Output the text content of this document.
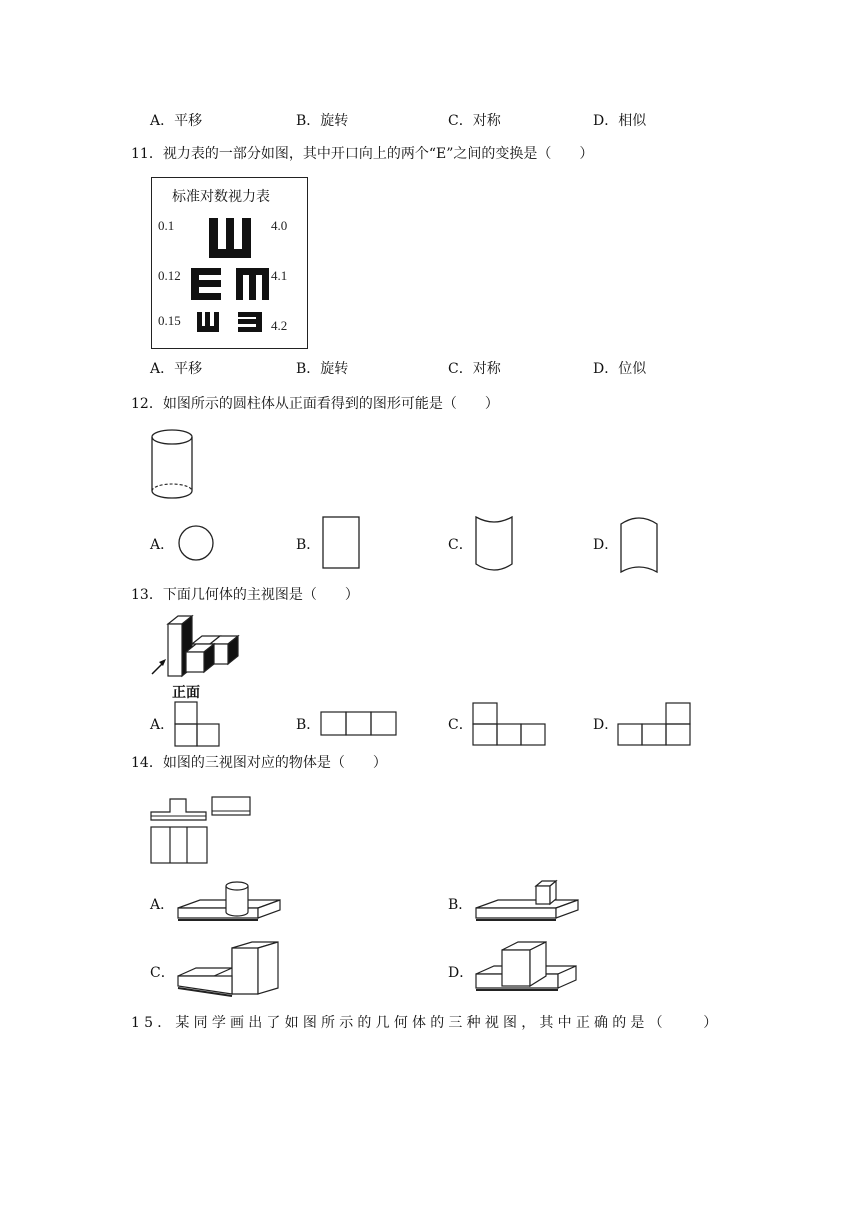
A．平移	B．旋转	C．对称	D．相似
11．视力表的一部分如图，其中开口向上的两个“E”之间的变换是（　　）
标准对数视力表
0.1
0.12
0.15
4.0
4.1
4.2
A．平移	B．旋转	C．对称	D．位似
12．如图所示的圆柱体从正面看得到的图形可能是（　　）
A．	B．	C．	D．
13．下面几何体的主视图是（　　）
正面
A．	B．	C．	D．
14．如图的三视图对应的物体是（　　）
A．	B．
C．	D．
15．某同学画出了如图所示的几何体的三种视图，其中正确的是（　　）
